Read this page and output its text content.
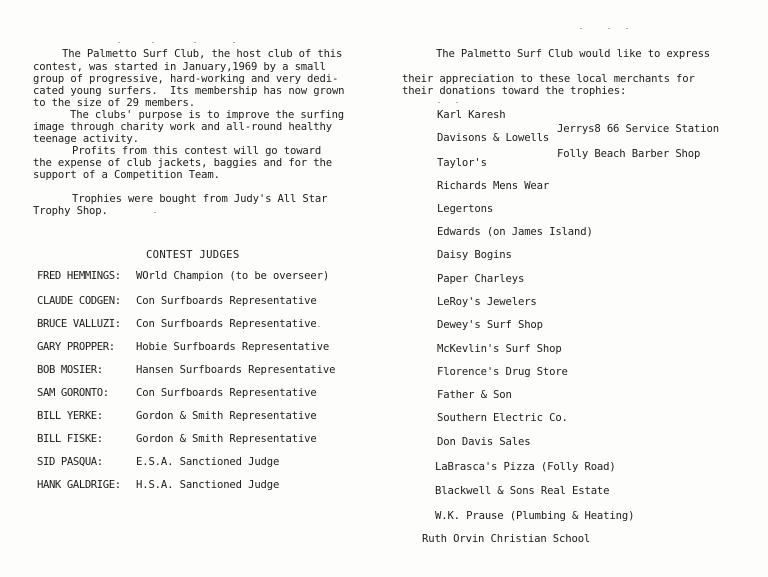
The Palmetto Surf Club, the host club of this
contest, was started in January,1969 by a small
group of progressive, hard-working and very dedi-
cated young surfers.  Its membership has now grown
to the size of 29 members.
The clubs' purpose is to improve the surfing
image through charity work and all-round healthy
teenage activity.
Profits from this contest will go toward
the expense of club jackets, baggies and for the
support of a Competition Team.
Trophies were bought from Judy's All Star
Trophy Shop.
CONTEST JUDGES
FRED HEMMINGS: WOrld Champion (to be overseer)
CLAUDE CODGEN: Con Surfboards Representative
BRUCE VALLUZI: Con Surfboards Representative
GARY PROPPER: Hobie Surfboards Representative
BOB MOSIER:	Hansen Surfboards Representative
SAM GORONTO:	Con Surfboards Representative
BILL YERKE:	Gordon & Smith Representative
BILL FISKE:	Gordon & Smith Representative
SID PASQUA:	E.S.A. Sanctioned Judge
HANK GALDRIGE: H.S.A. Sanctioned Judge
The Palmetto Surf Club would like to express
their appreciation to these local merchants for
their donations toward the trophies:
Jerrys8 66 Service Station
Folly Beach Barber Shop
Karl Karesh
Davisons & Lowells
Taylor's
Richards Mens Wear
Legertons
Edwards (on James Island)
Daisy Bogins
Paper Charleys
LeRoy's Jewelers
Dewey's Surf Shop
McKevlin's Surf Shop
Florence's Drug Store
Father & Son
Southern Electric Co.
Don Davis Sales
LaBrasca's Pizza (Folly Road)
Blackwell & Sons Real Estate
W.K. Prause (Plumbing & Heating)
Ruth Orvin Christian School
